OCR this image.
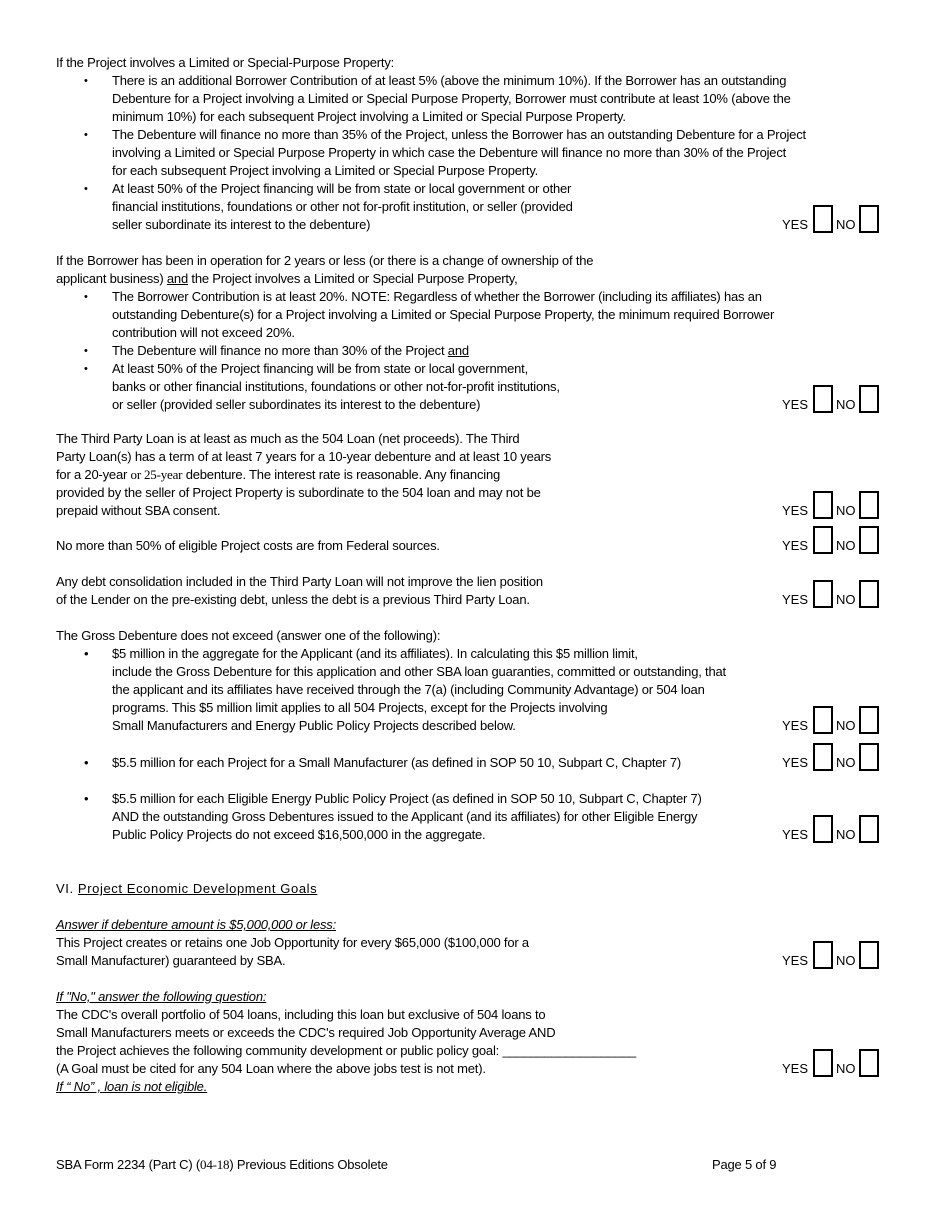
If the Project involves a Limited or Special-Purpose Property:
• There is an additional Borrower Contribution of at least 5% (above the minimum 10%). If the Borrower has an outstanding
Debenture for a Project involving a Limited or Special Purpose Property, Borrower must contribute at least 10% (above the
minimum 10%) for each subsequent Project involving a Limited or Special Purpose Property.
• The Debenture will finance no more than 35% of the Project, unless the Borrower has an outstanding Debenture for a Project
involving a Limited or Special Purpose Property in which case the Debenture will finance no more than 30% of the Project
for each subsequent Project involving a Limited or Special Purpose Property.
• At least 50% of the Project financing will be from state or local government or other
financial institutions, foundations or other not for-profit institution, or seller (provided
seller subordinate its interest to the debenture)	YES NO
If the Borrower has been in operation for 2 years or less (or there is a change of ownership of the
applicant business) and the Project involves a Limited or Special Purpose Property,
• The Borrower Contribution is at least 20%. NOTE: Regardless of whether the Borrower (including its affiliates) has an
outstanding Debenture(s) for a Project involving a Limited or Special Purpose Property, the minimum required Borrower
contribution will not exceed 20%.
• The Debenture will finance no more than 30% of the Project and
• At least 50% of the Project financing will be from state or local government,
banks or other financial institutions, foundations or other not-for-profit institutions,
or seller (provided seller subordinates its interest to the debenture)	YES NO
The Third Party Loan is at least as much as the 504 Loan (net proceeds). The Third
Party Loan(s) has a term of at least 7 years for a 10-year debenture and at least 10 years
for a 20-year or 25-year debenture. The interest rate is reasonable. Any financing
provided by the seller of Project Property is subordinate to the 504 loan and may not be
prepaid without SBA consent.	YES NO
No more than 50% of eligible Project costs are from Federal sources.	YES NO
Any debt consolidation included in the Third Party Loan will not improve the lien position
of the Lender on the pre-existing debt, unless the debt is a previous Third Party Loan.	YES NO
The Gross Debenture does not exceed (answer one of the following):
• $5 million in the aggregate for the Applicant (and its affiliates). In calculating this $5 million limit,
include the Gross Debenture for this application and other SBA loan guaranties, committed or outstanding, that
the applicant and its affiliates have received through the 7(a) (including Community Advantage) or 504 loan
programs. This $5 million limit applies to all 504 Projects, except for the Projects involving
Small Manufacturers and Energy Public Policy Projects described below.	YES NO
• $5.5 million for each Project for a Small Manufacturer (as defined in SOP 50 10, Subpart C, Chapter 7)	YES NO
• $5.5 million for each Eligible Energy Public Policy Project (as defined in SOP 50 10, Subpart C, Chapter 7)
AND the outstanding Gross Debentures issued to the Applicant (and its affiliates) for other Eligible Energy
Public Policy Projects do not exceed $16,500,000 in the aggregate.	YES NO
VI. Project Economic Development Goals
Answer if debenture amount is $5,000,000 or less:
This Project creates or retains one Job Opportunity for every $65,000 ($100,000 for a
Small Manufacturer) guaranteed by SBA.	YES NO
If "No," answer the following question:
The CDC's overall portfolio of 504 loans, including this loan but exclusive of 504 loans to
Small Manufacturers meets or exceeds the CDC's required Job Opportunity Average AND
the Project achieves the following community development or public policy goal: ___________________
(A Goal must be cited for any 504 Loan where the above jobs test is not met).	YES NO
If “ No” , loan is not eligible.
SBA Form 2234 (Part C) (04-18) Previous Editions Obsolete	Page 5 of 9
